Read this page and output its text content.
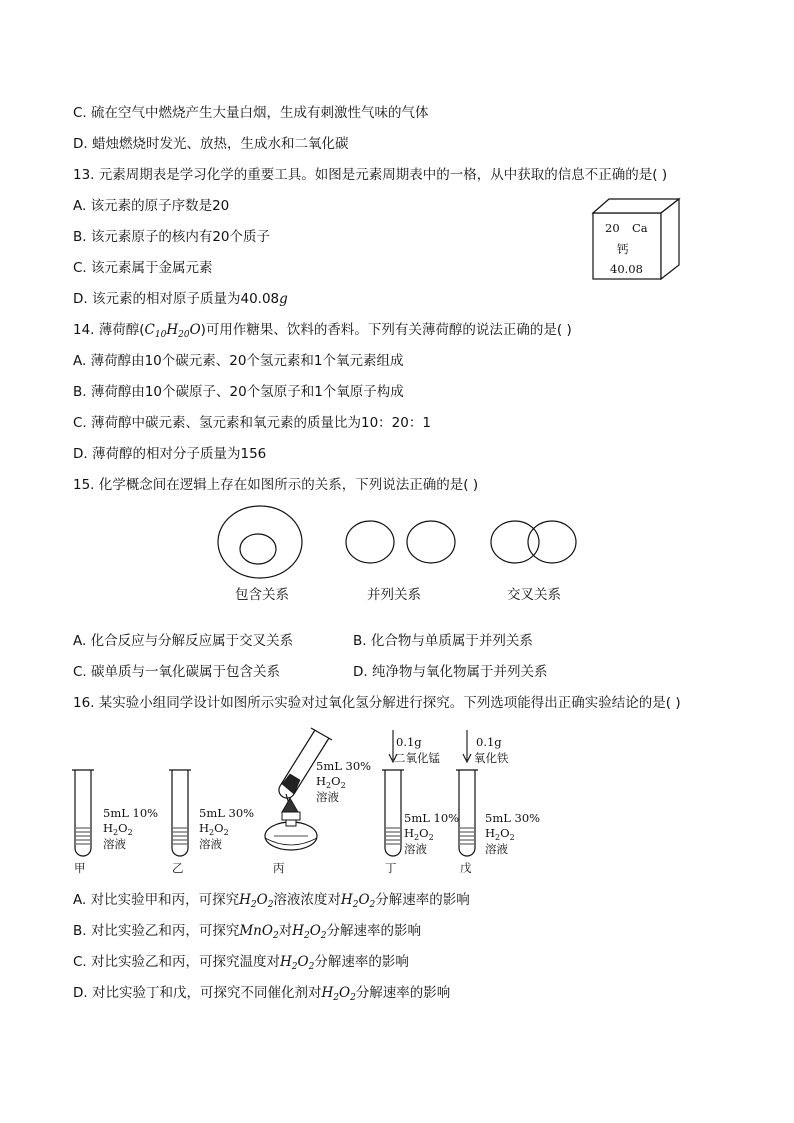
C. 硫在空气中燃烧产生大量白烟，生成有刺激性气味的气体
D. 蜡烛燃烧时发光、放热，生成水和二氧化碳
13. 元素周期表是学习化学的重要工具。如图是元素周期表中的一格，从中获取的信息不正确的是( )
A. 该元素的原子序数是20
B. 该元素原子的核内有20个质子
C. 该元素属于金属元素
D. 该元素的相对原子质量为40.08g
20 Ca
钙
40.08
14. 薄荷醇$(C_{10}H_{20}O)$可用作糖果、饮料的香料。下列有关薄荷醇的说法正确的是( )
A. 薄荷醇由10个碳元素、20个氢元素和1个氧元素组成
B. 薄荷醇由10个碳原子、20个氢原子和1个氧原子构成
C. 薄荷醇中碳元素、氢元素和氧元素的质量比为10：20：1
D. 薄荷醇的相对分子质量为156
15. 化学概念间在逻辑上存在如图所示的关系，下列说法正确的是( )
包含关系	并列关系	交叉关系
A. 化合反应与分解反应属于交叉关系	B. 化合物与单质属于并列关系
C. 碳单质与一氧化碳属于包含关系	D. 纯净物与氧化物属于并列关系
16. 某实验小组同学设计如图所示实验对过氧化氢分解进行探究。下列选项能得出正确实验结论的是( )
5mL 10%
$H_2O_2$
溶液
甲
5mL 30%
$H_2O_2$
溶液
乙
5mL 30%
$H_2O_2$
溶液
丙
0.1g
二氧化锰
5mL 10%
$H_2O_2$
溶液
丁
0.1g
氧化铁
5mL 30%
$H_2O_2$
溶液
戊
A. 对比实验甲和丙，可探究$H_2O_2$溶液浓度对$H_2O_2$分解速率的影响
B. 对比实验乙和丙，可探究MnO$_2$对$H_2O_2$分解速率的影响
C. 对比实验乙和丙，可探究温度对$H_2O_2$分解速率的影响
D. 对比实验丁和戊，可探究不同催化剂对$H_2O_2$分解速率的影响
